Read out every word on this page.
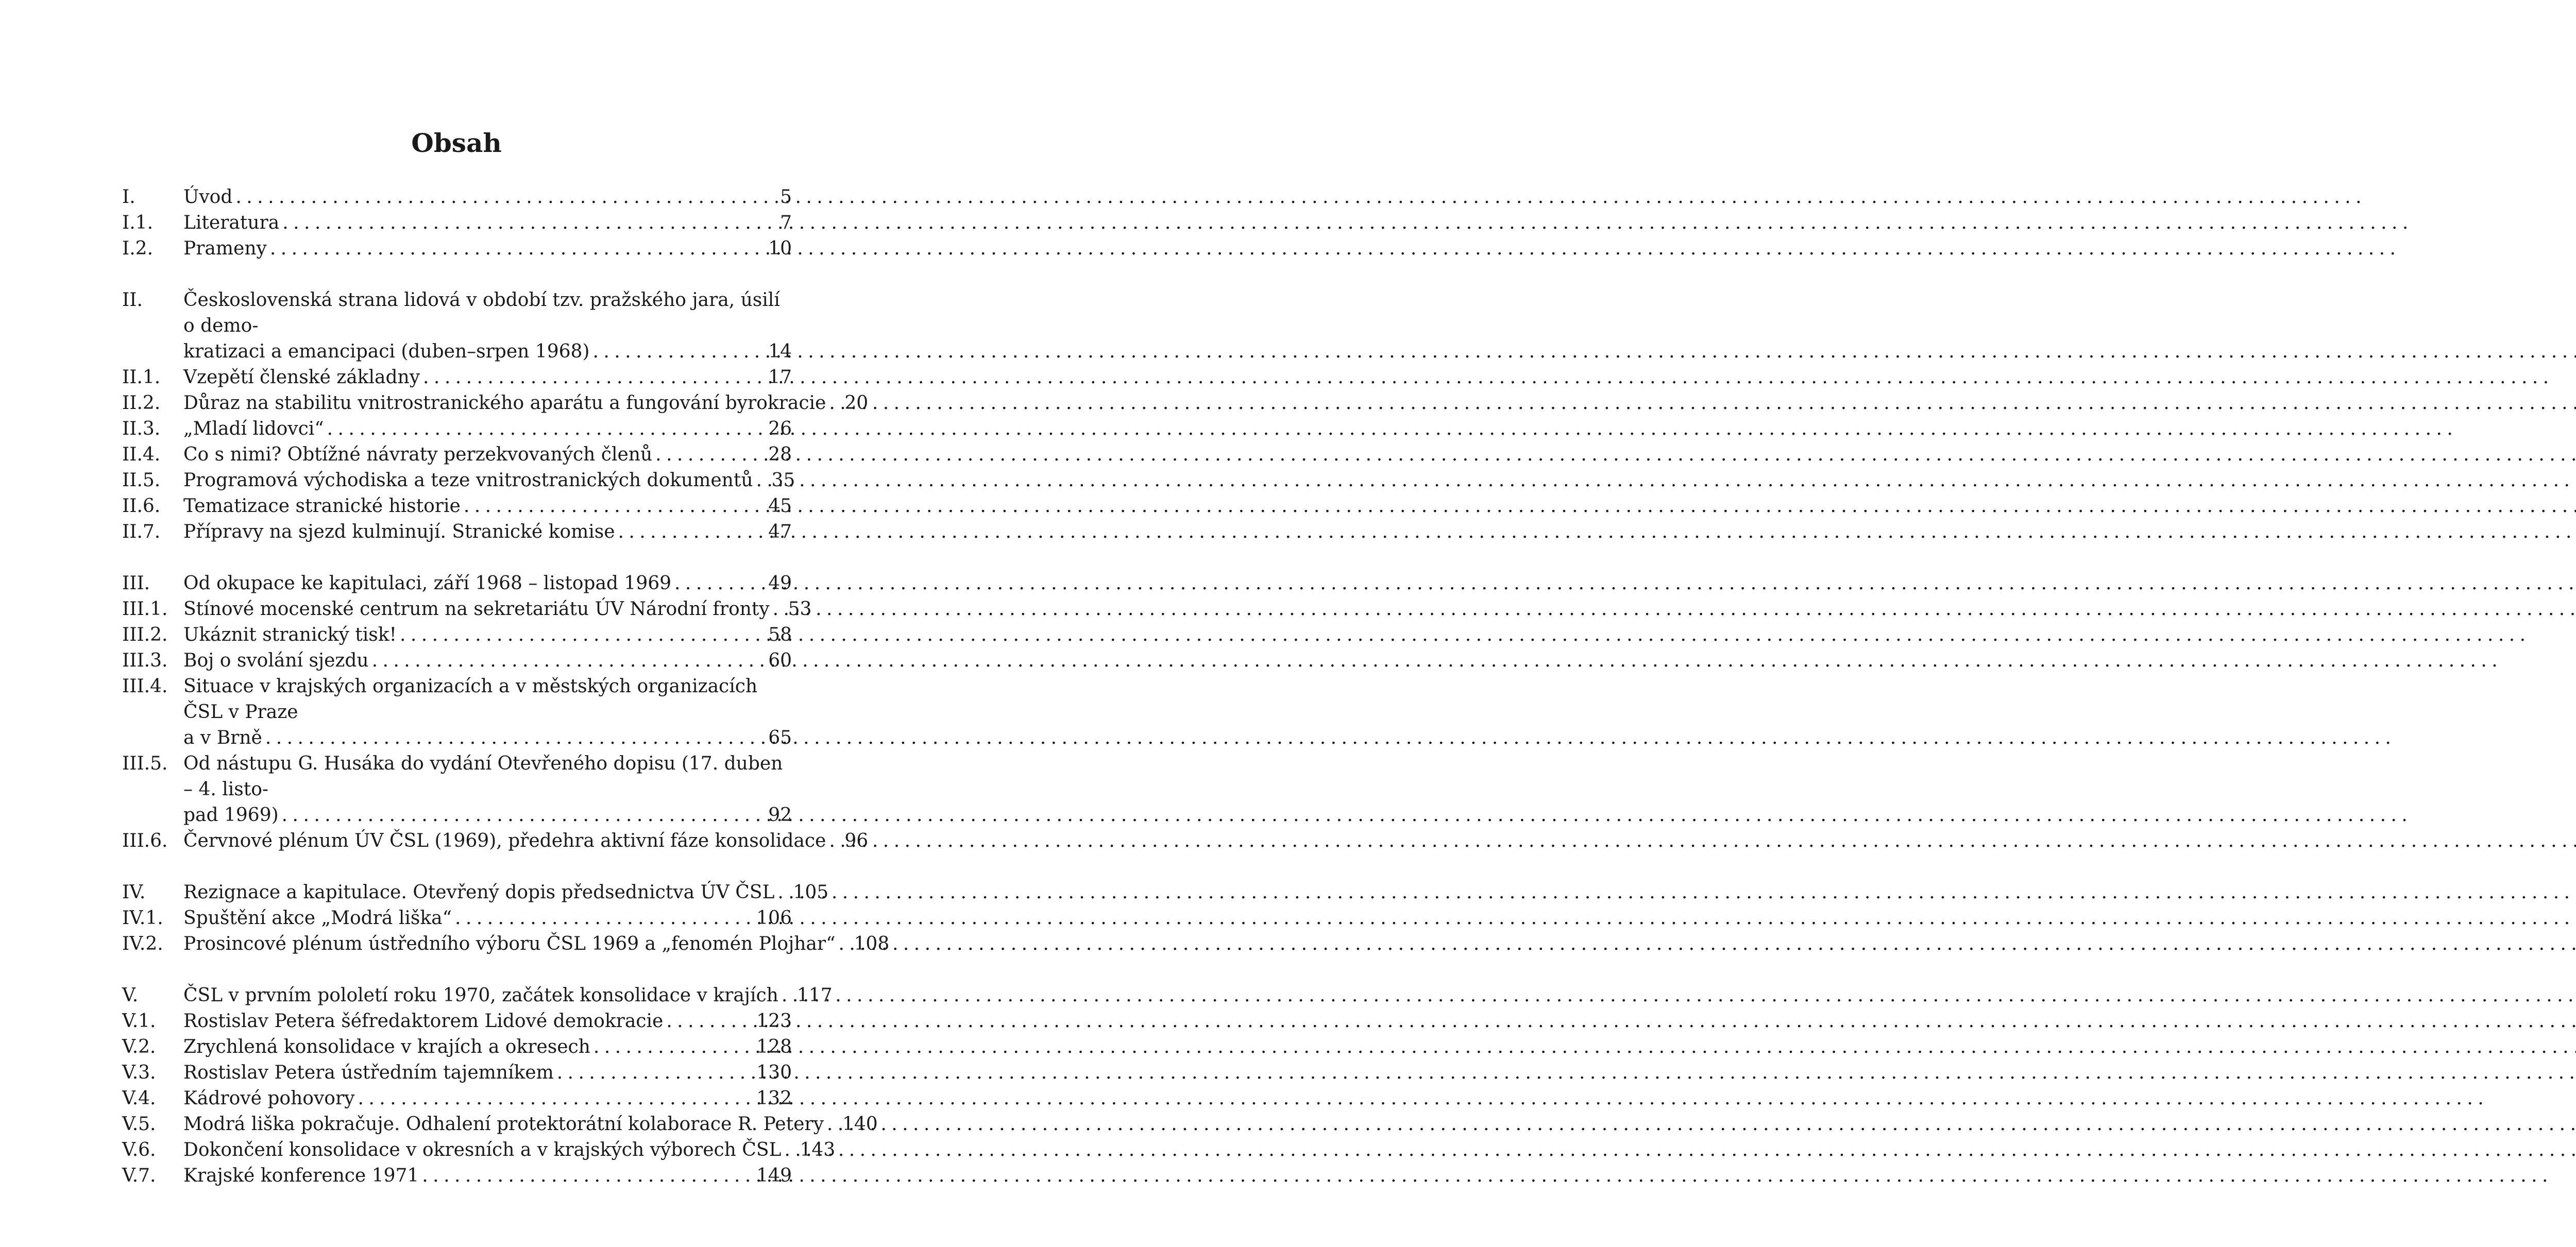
Obsah
I.	Úvod . . .	5
I.1.	Literatura . . .	7
I.2.	Prameny . . .	10
II.	Československá strana lidová v období tzv. pražského jara, úsilí o demo-
kratizaci a emancipaci (duben–srpen 1968) . . .	14
II.1.	Vzepětí členské základny . . .	17
II.2.	Důraz na stabilitu vnitrostranického aparátu a fungování byrokracie . . . 20
II.3.	„Mladí lidovci“ . . .	26
II.4.	Co s nimi? Obtížné návraty perzekvovaných členů . . .	28
II.5.	Programová východiska a teze vnitrostranických dokumentů . . . 35
II.6.	Tematizace stranické historie . . .	45
II.7.	Přípravy na sjezd kulminují. Stranické komise . . .	47
III.	Od okupace ke kapitulaci, září 1968 – listopad 1969 . . .	49
III.1. Stínové mocenské centrum na sekretariátu ÚV Národní fronty . . . 53
III.2. Ukáznit stranický tisk! . . .	58
III.3. Boj o svolání sjezdu . . .	60
III.4. Situace v krajských organizacích a v městských organizacích ČSL v Praze
a v Brně . . .	65
III.5. Od nástupu G. Husáka do vydání Otevřeného dopisu (17. duben – 4. listo-
pad 1969) . . .	92
III.6. Červnové plénum ÚV ČSL (1969), předehra aktivní fáze konsolidace . . . 96
IV.	Rezignace a kapitulace. Otevřený dopis předsednictva ÚV ČSL . . . 105
IV.1.	Spuštění akce „Modrá liška“ . . .	106
IV.2.	Prosincové plénum ústředního výboru ČSL 1969 a „fenomén Plojhar“ . . . 108
V.	ČSL v prvním pololetí roku 1970, začátek konsolidace v krajích . . . 117
V.1.	Rostislav Petera šéfredaktorem Lidové demokracie . . .	123
V.2.	Zrychlená konsolidace v krajích a okresech . . .	128
V.3.	Rostislav Petera ústředním tajemníkem . . .	130
V.4.	Kádrové pohovory . . .	132
V.5.	Modrá liška pokračuje. Odhalení protektorátní kolaborace R. Petery . . . 140
V.6.	Dokončení konsolidace v okresních a v krajských výborech ČSL . . . 143
V.7.	Krajské konference 1971 . . .	149
